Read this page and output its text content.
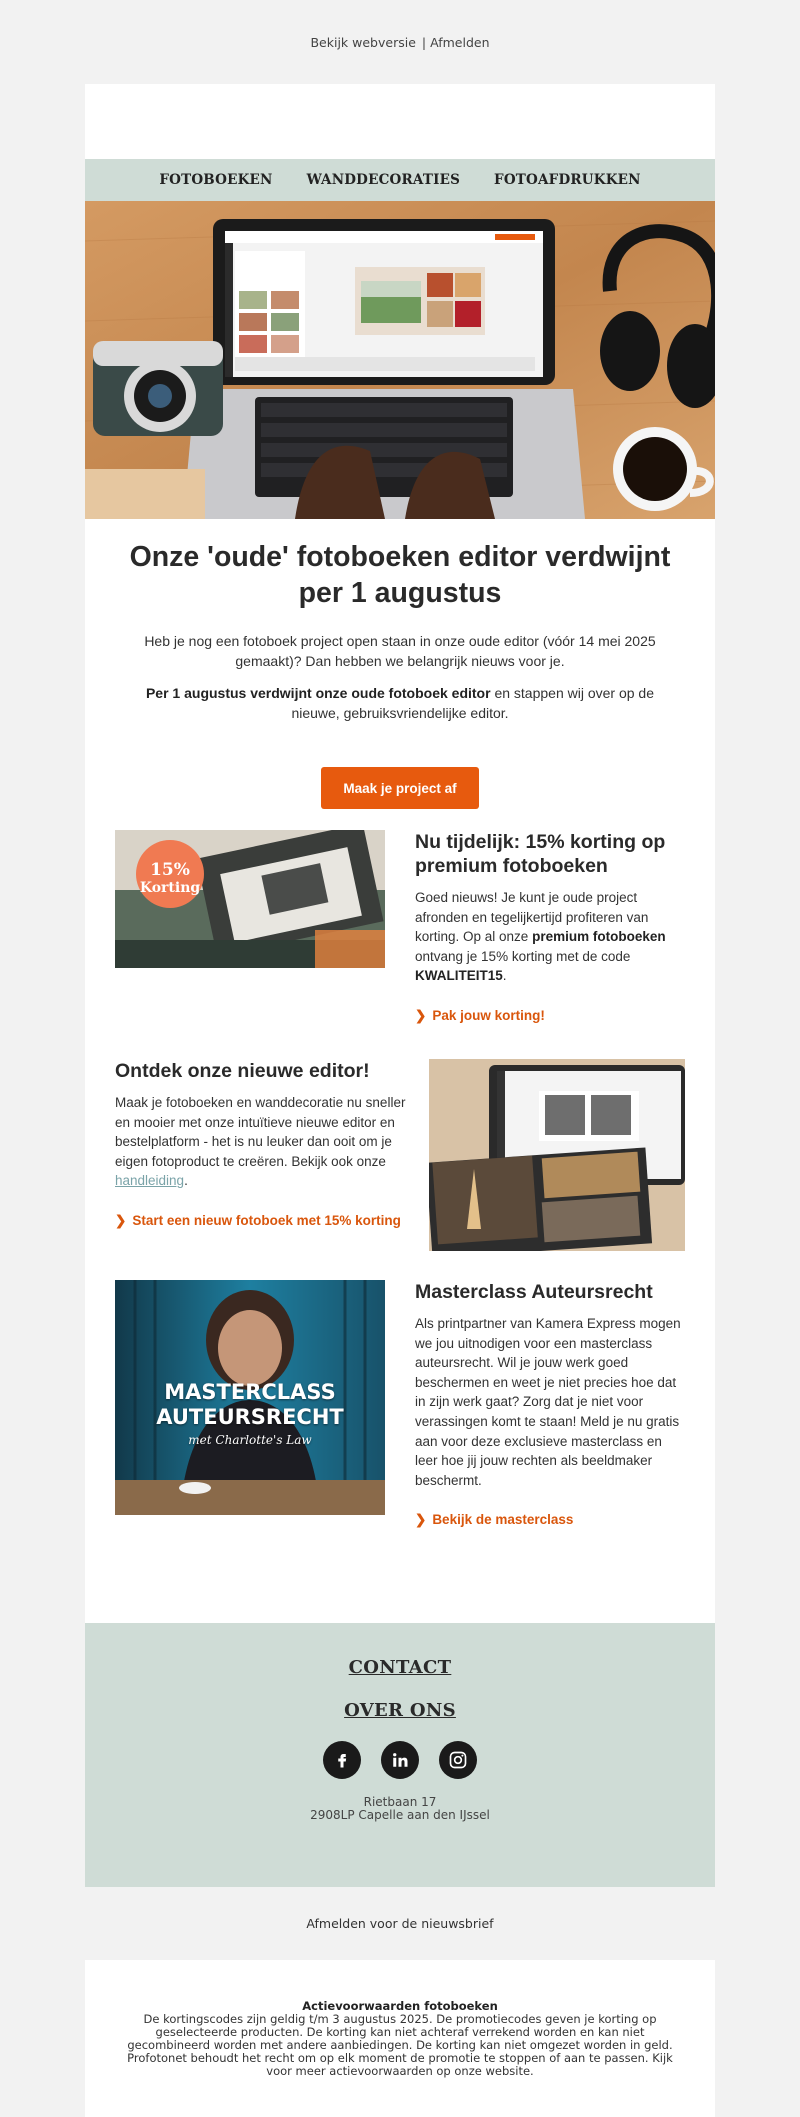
Bekijk webversie | Afmelden
FOTOBOEKEN	WANDDECORATIES	FOTOAFDRUKKEN
Onze 'oude' fotoboeken editor verdwijnt per 1 augustus

Heb je nog een fotoboek project open staan in onze oude editor (vóór 14 mei 2025 gemaakt)? Dan hebben we belangrijk nieuws voor je.

Per 1 augustus verdwijnt onze oude fotoboek editor en stappen wij over op de nieuwe, gebruiksvriendelijke editor.

Maak je project af
15%
Korting
Nu tijdelijk: 15% korting op premium fotoboeken

Goed nieuws! Je kunt je oude project afronden en tegelijkertijd profiteren van korting. Op al onze premium fotoboeken ontvang je 15% korting met de code KWALITEIT15.

❯ Pak jouw korting!
Ontdek onze nieuwe editor!

Maak je fotoboeken en wanddecoratie nu sneller en mooier met onze intuïtieve nieuwe editor en bestelplatform - het is nu leuker dan ooit om je eigen fotoproduct te creëren. Bekijk ook onze handleiding.

❯ Start een nieuw fotoboek met 15% korting
MASTERCLASS
AUTEURSRECHT
met Charlotte's Law
Masterclass Auteursrecht

Als printpartner van Kamera Express mogen we jou uitnodigen voor een masterclass auteursrecht. Wil je jouw werk goed beschermen en weet je niet precies hoe dat in zijn werk gaat? Zorg dat je niet voor verassingen komt te staan! Meld je nu gratis aan voor deze exclusieve masterclass en leer hoe jij jouw rechten als beeldmaker beschermt.

❯ Bekijk de masterclass
CONTACT
OVER ONS
Rietbaan 17
2908LP Capelle aan den IJssel
Afmelden voor de nieuwsbrief
Actievoorwaarden fotoboeken
De kortingscodes zijn geldig t/m 3 augustus 2025. De promotiecodes geven je korting op geselecteerde producten. De korting kan niet achteraf verrekend worden en kan niet gecombineerd worden met andere aanbiedingen. De korting kan niet omgezet worden in geld. Profotonet behoudt het recht om op elk moment de promotie te stoppen of aan te passen. Kijk voor meer actievoorwaarden op onze website.
